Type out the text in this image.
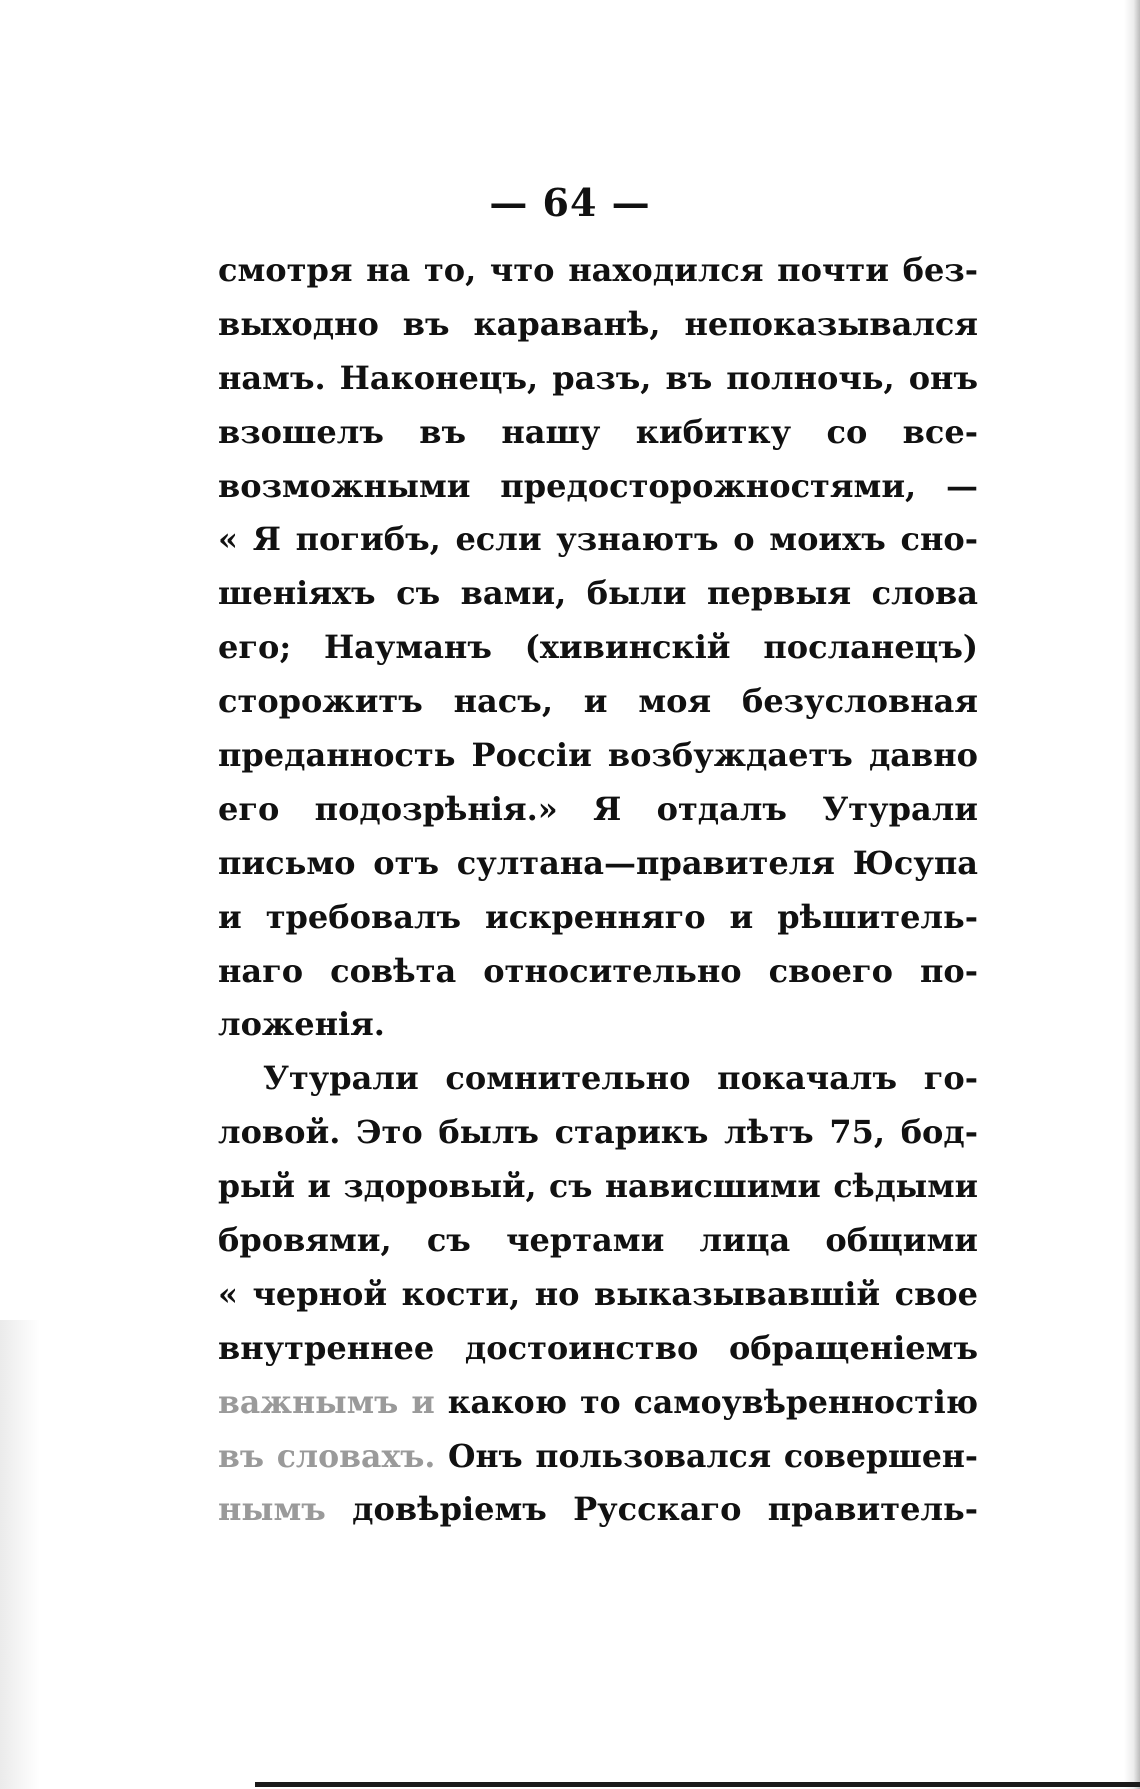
— 64 —
смотря на то, что находился почти без-
выходно въ караванѣ, непоказывался
намъ. Наконецъ, разъ, въ полночь, онъ
взошелъ въ нашу кибитку со все-
возможными предосторожностями, —
« Я погибъ, если узнаютъ о моихъ сно-
шеніяхъ съ вами, были первыя слова
его; Науманъ (хивинскій посланецъ)
сторожитъ насъ, и моя безусловная
преданность Россіи возбуждаетъ давно
его подозрѣнія.» Я отдалъ Утурали
письмо отъ султана—правителя Юсупа
и требовалъ искренняго и рѣшитель-
наго совѣта относительно своего по-
ложенія.
Утурали сомнительно покачалъ го-
ловой. Это былъ старикъ лѣтъ 75, бод-
рый и здоровый, съ нависшими сѣдыми
бровями, съ чертами лица общими
« черной кости, но выказывавшій свое
внутреннее достоинство обращеніемъ
важнымъ и какою то самоувѣренностію
въ словахъ. Онъ пользовался совершен-
нымъ довѣріемъ Русскаго правитель-
